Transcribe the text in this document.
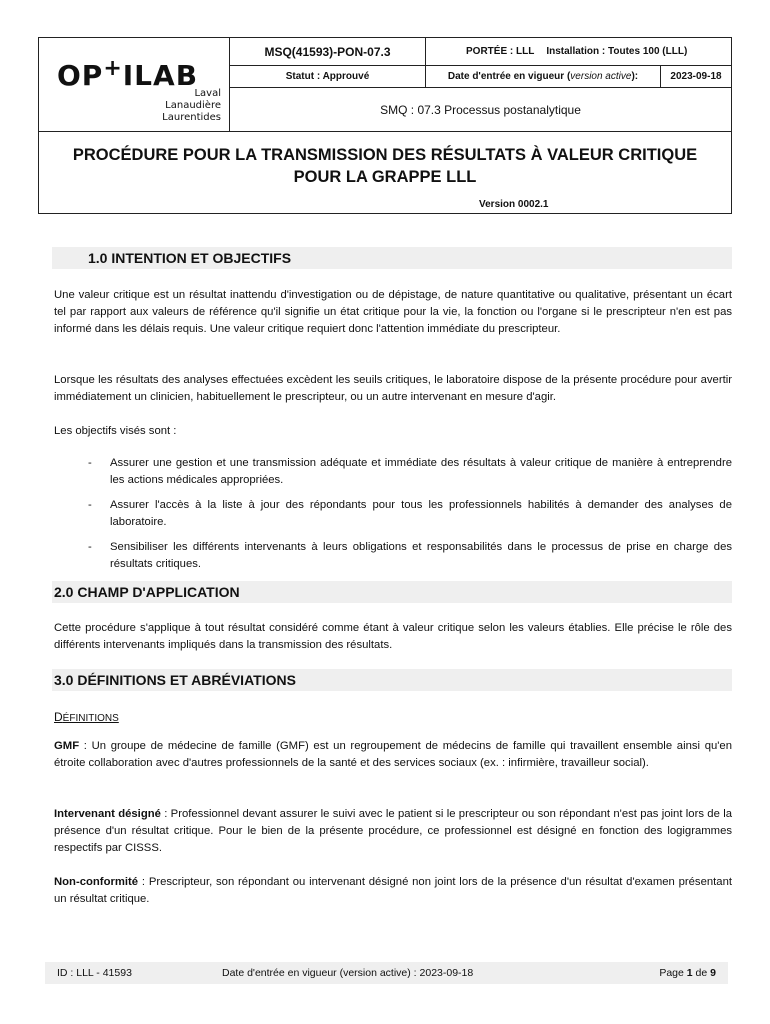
OP+ILAB
Laval
Lanaudière
Laurentides
MSQ(41593)-PON-07.3	PORTÉE : LLL Installation : Toutes 100 (LLL)
Statut : Approuvé	Date d'entrée en vigueur (version active):	2023-09-18
SMQ : 07.3 Processus postanalytique
PROCÉDURE POUR LA TRANSMISSION DES RÉSULTATS À VALEUR CRITIQUE POUR LA GRAPPE LLL
Version 0002.1
1.0 INTENTION ET OBJECTIFS

Une valeur critique est un résultat inattendu d'investigation ou de dépistage, de nature quantitative ou qualitative, présentant un écart tel par rapport aux valeurs de référence qu'il signifie un état critique pour la vie, la fonction ou l'organe si le prescripteur n'en est pas informé dans les délais requis. Une valeur critique requiert donc l'attention immédiate du prescripteur.

Lorsque les résultats des analyses effectuées excèdent les seuils critiques, le laboratoire dispose de la présente procédure pour avertir immédiatement un clinicien, habituellement le prescripteur, ou un autre intervenant en mesure d'agir.

Les objectifs visés sont :

- Assurer une gestion et une transmission adéquate et immédiate des résultats à valeur critique de manière à entreprendre les actions médicales appropriées.
- Assurer l'accès à la liste à jour des répondants pour tous les professionnels habilités à demander des analyses de laboratoire.
- Sensibiliser les différents intervenants à leurs obligations et responsabilités dans le processus de prise en charge des résultats critiques.
2.0 CHAMP D'APPLICATION

Cette procédure s'applique à tout résultat considéré comme étant à valeur critique selon les valeurs établies. Elle précise le rôle des différents intervenants impliqués dans la transmission des résultats.

3.0 DÉFINITIONS ET ABRÉVIATIONS
DÉFINITIONS

GMF : Un groupe de médecine de famille (GMF) est un regroupement de médecins de famille qui travaillent ensemble ainsi qu'en étroite collaboration avec d'autres professionnels de la santé et des services sociaux (ex. : infirmière, travailleur social).

Intervenant désigné : Professionnel devant assurer le suivi avec le patient si le prescripteur ou son répondant n'est pas joint lors de la présence d'un résultat critique. Pour le bien de la présente procédure, ce professionnel est désigné en fonction des logigrammes respectifs par CISSS.

Non-conformité : Prescripteur, son répondant ou intervenant désigné non joint lors de la présence d'un résultat d'examen présentant un résultat critique.

ID : LLL - 41593	Date d'entrée en vigueur (version active) : 2023-09-18	Page 1 de 9
